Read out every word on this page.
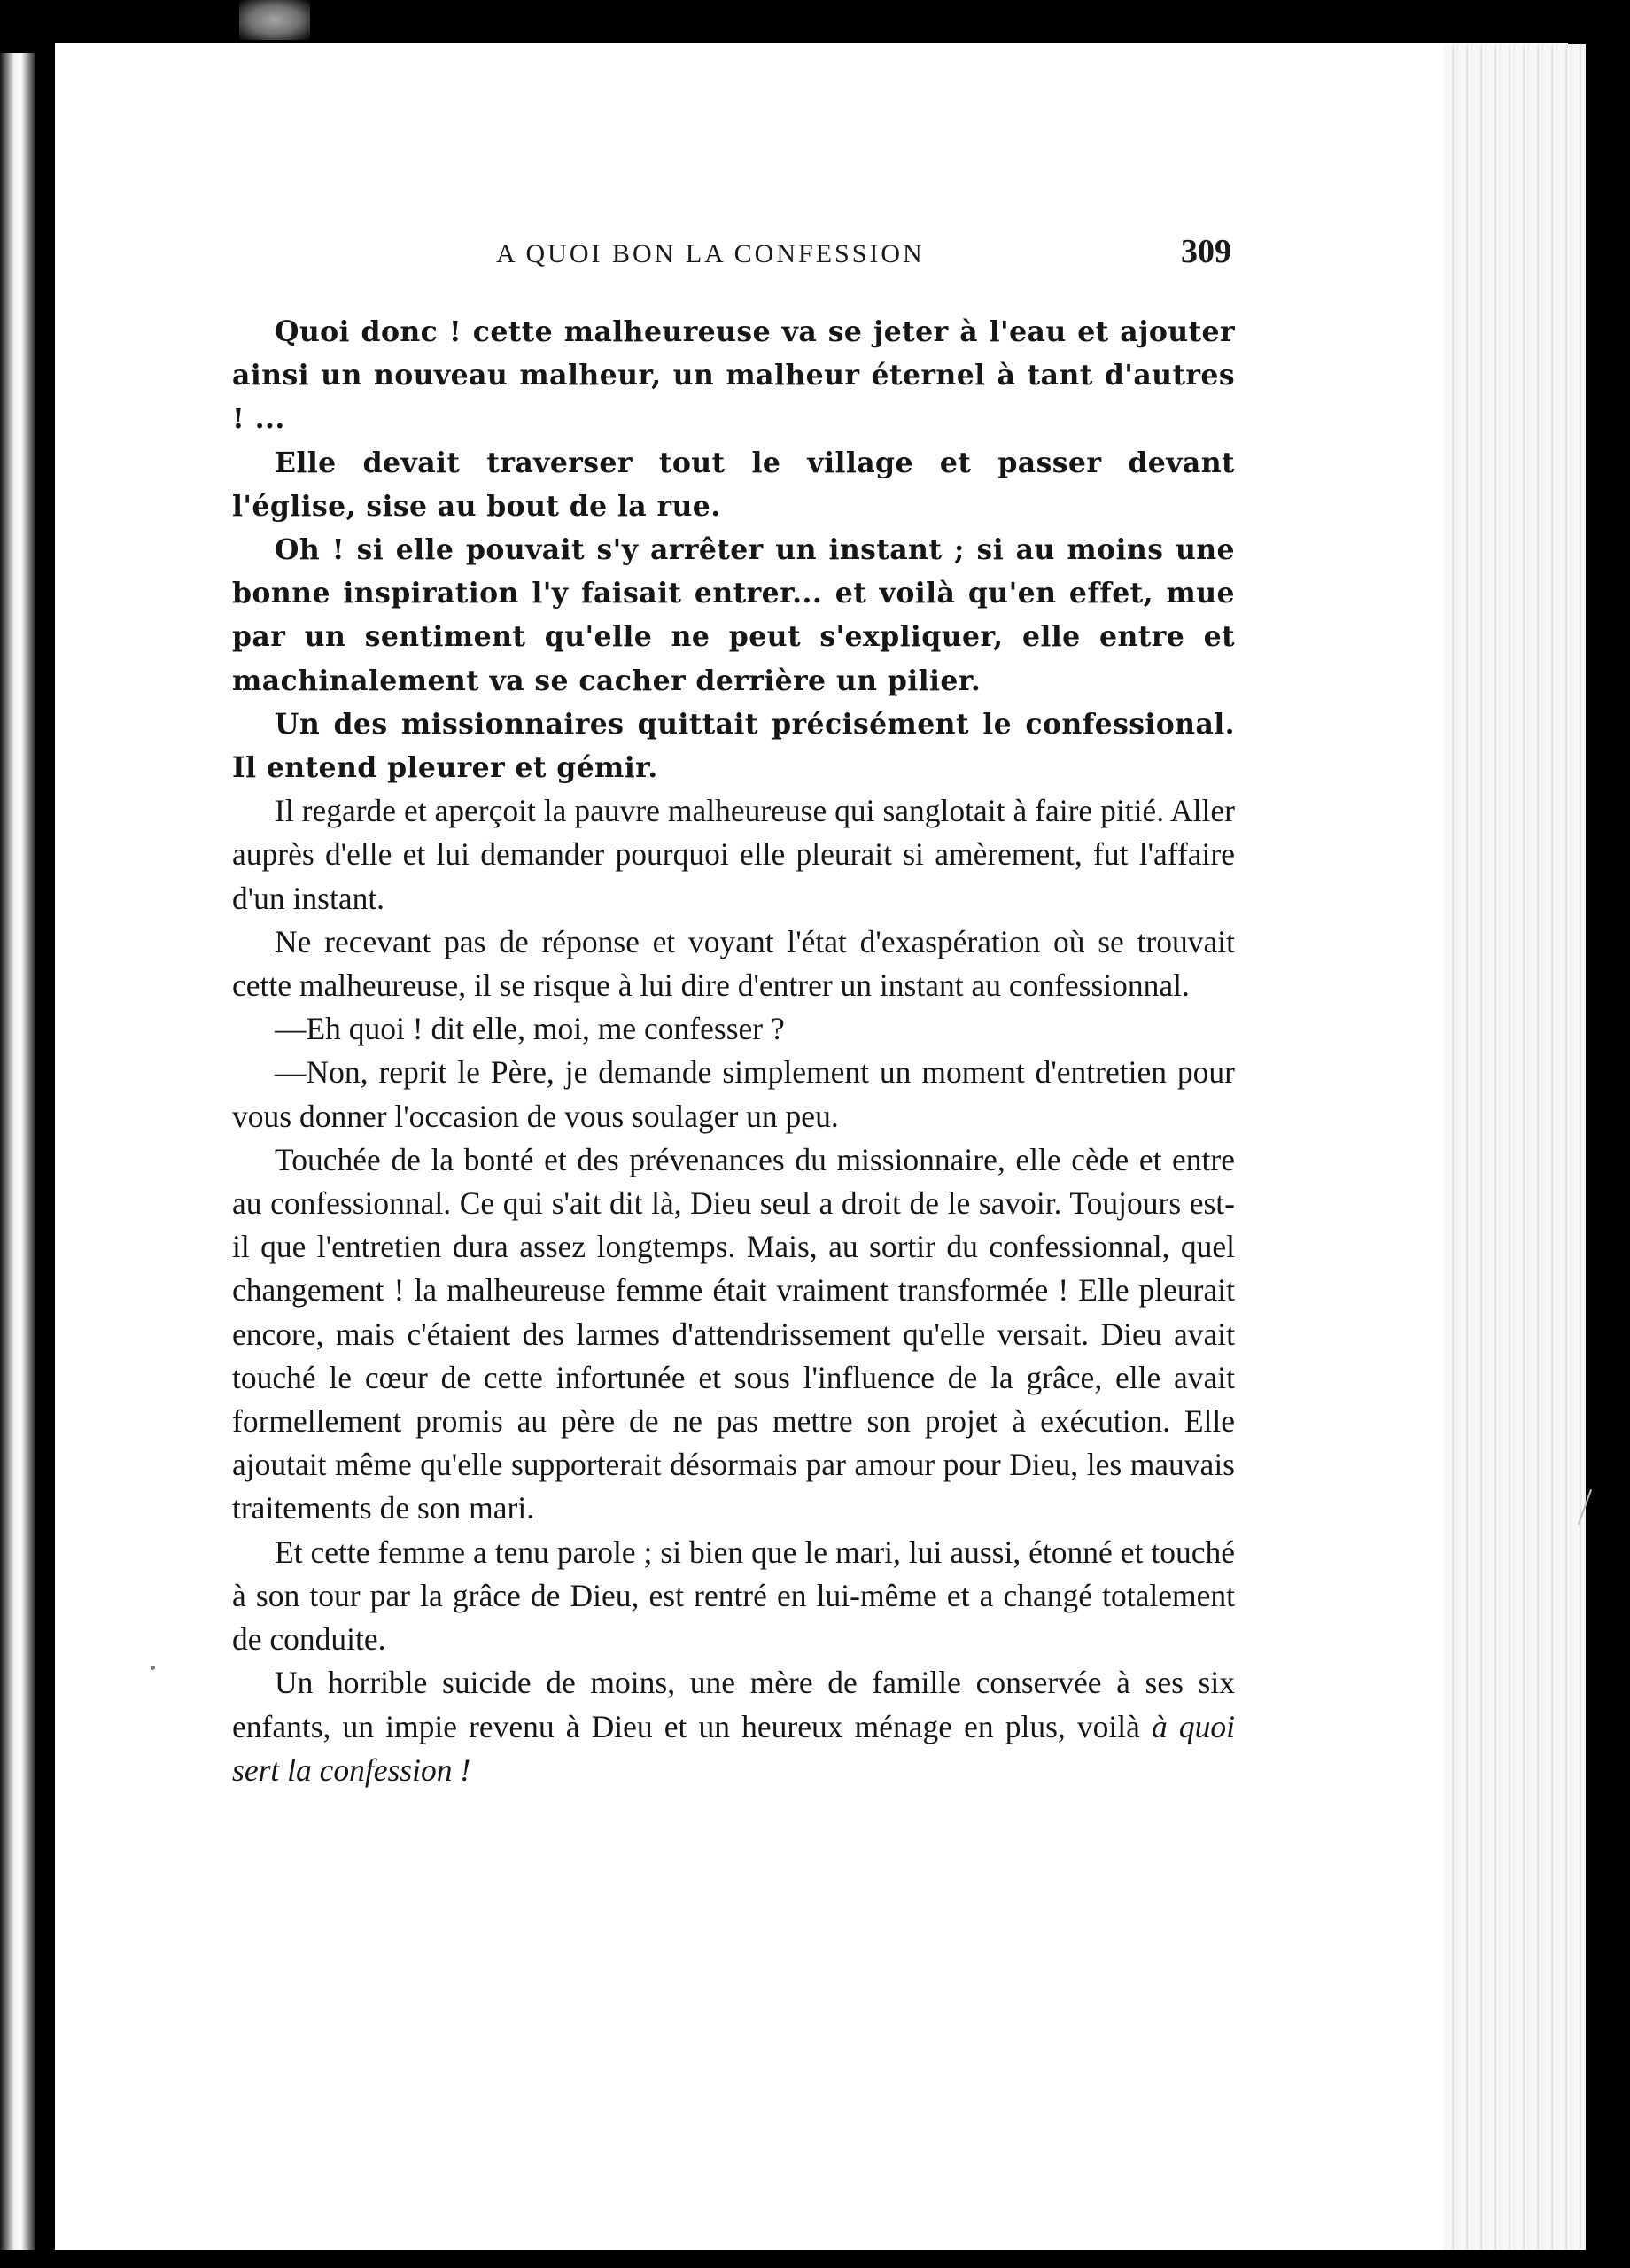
A QUOI BON LA CONFESSION	309

Quoi donc ! cette malheureuse va se jeter à l'eau et ajouter ainsi un nouveau malheur, un malheur éternel à tant d'autres ! ...

Elle devait traverser tout le village et passer devant l'église, sise au bout de la rue.

Oh ! si elle pouvait s'y arrêter un instant ; si au moins une bonne inspiration l'y faisait entrer... et voilà qu'en effet, mue par un sentiment qu'elle ne peut s'expliquer, elle entre et machinalement va se cacher derrière un pilier.

Un des missionnaires quittait précisément le confessional. Il entend pleurer et gémir.

Il regarde et aperçoit la pauvre malheureuse qui sanglotait à faire pitié. Aller auprès d'elle et lui demander pourquoi elle pleurait si amèrement, fut l'affaire d'un instant.

Ne recevant pas de réponse et voyant l'état d'exaspération où se trouvait cette malheureuse, il se risque à lui dire d'entrer un instant au confessionnal.

—Eh quoi ! dit elle, moi, me confesser ?

—Non, reprit le Père, je demande simplement un moment d'entretien pour vous donner l'occasion de vous soulager un peu.

Touchée de la bonté et des prévenances du missionnaire, elle cède et entre au confessionnal. Ce qui s'ait dit là, Dieu seul a droit de le savoir. Toujours est-il que l'entretien dura assez longtemps. Mais, au sortir du confessionnal, quel changement ! la malheureuse femme était vraiment transformée ! Elle pleurait encore, mais c'étaient des larmes d'attendrissement qu'elle versait. Dieu avait touché le cœur de cette infortunée et sous l'influence de la grâce, elle avait formellement promis au père de ne pas mettre son projet à exécution. Elle ajoutait même qu'elle supporterait désormais par amour pour Dieu, les mauvais traitements de son mari.

Et cette femme a tenu parole ; si bien que le mari, lui aussi, étonné et touché à son tour par la grâce de Dieu, est rentré en lui-même et a changé totalement de conduite.

Un horrible suicide de moins, une mère de famille conservée à ses six enfants, un impie revenu à Dieu et un heureux ménage en plus, voilà à quoi sert la confession !
